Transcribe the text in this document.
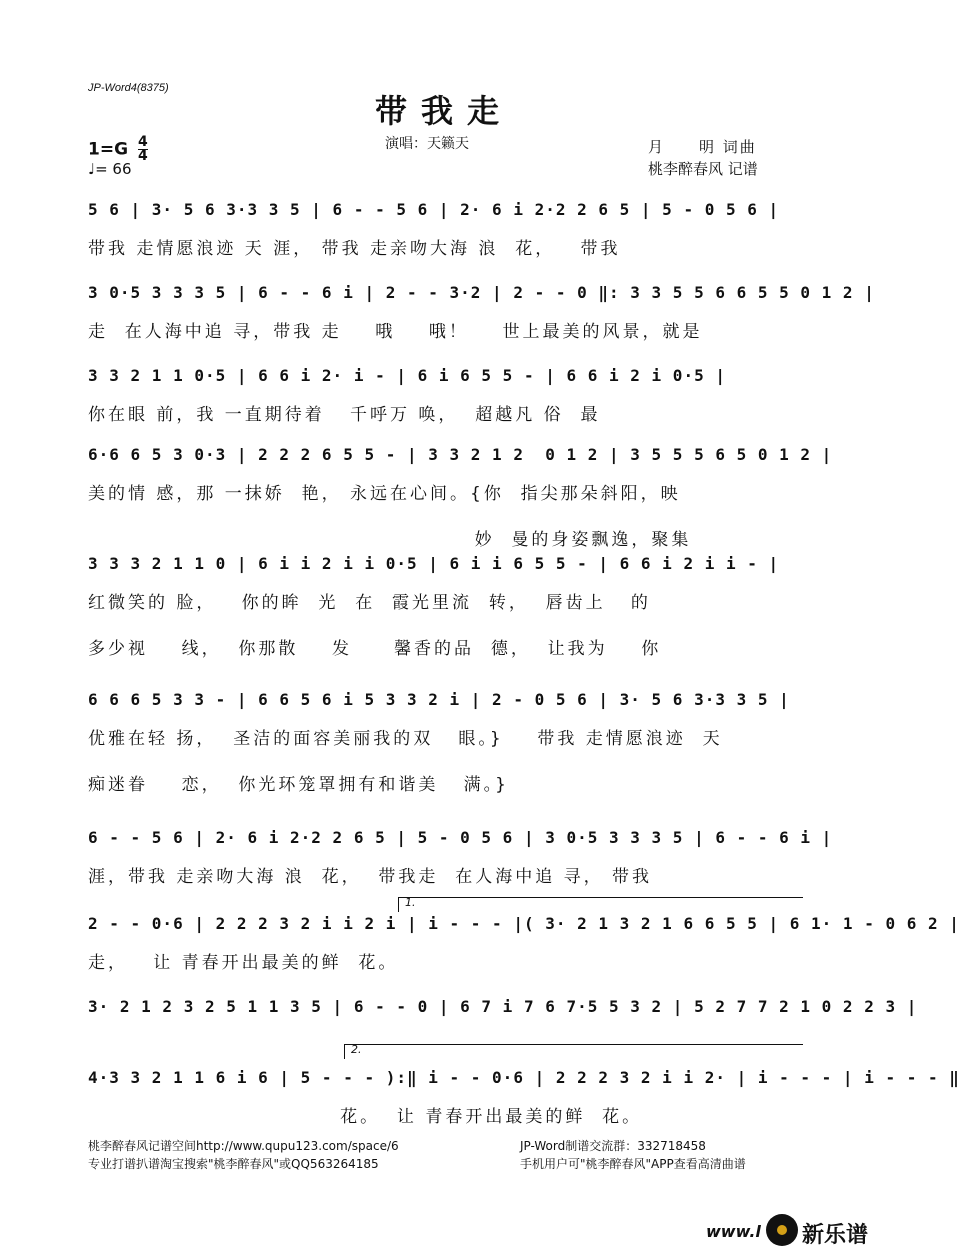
JP-Word4(8375)
带我走
演唱：天籁天	月　　明 词曲
桃李醉春风 记谱
$1=G \frac{4}{4}$
♩= 66
5 6 | 3· 5 6 3·3 3 5 | 6 - - 5 6 | 2· 6 i 2·2 2 6 5 | 5 - 0 5 6 |
带我 走情愿浪迹 天 涯， 带我 走亲吻大海 浪  花，   带我
3 0·5 3 3 3 5 | 6 - - 6 i | 2 - - 3·2 | 2 - - 0 ‖: 3 3 5 5 6 6 5 5 0 1 2 |
走  在人海中追 寻，带我 走    哦    哦！    世上最美的风景，就是
3 3 2 1 1 0·5 | 6 6 i 2· i - | 6 i 6 5 5 - | 6 6 i 2 i 0·5 |
你在眼 前，我 一直期待着   千呼万 唤，  超越凡 俗  最
6·6 6 5 3 0·3 | 2 2 2 6 5 5 - | 3 3 2 1 2  0 1 2 | 3 5 5 5 6 5 0 1 2 |
美的情 感，那 一抹娇  艳， 永远在心间。{你  指尖那朵斜阳，映
妙  曼的身姿飘逸，聚集
3 3 3 2 1 1 0 | 6 i i 2 i i 0·5 | 6 i i 6 5 5 - | 6 6 i 2 i i - |
红微笑的 脸，   你的眸  光  在  霞光里流  转，  唇齿上   的
多少视    线，  你那散    发     馨香的品  德，  让我为    你
6 6 6 5 3 3 - | 6 6 5 6 i 5 3 3 2 i | 2 - 0 5 6 | 3· 5 6 3·3 3 5 |
优雅在轻 扬，  圣洁的面容美丽我的双   眼。}    带我 走情愿浪迹  天
痴迷眷    恋，  你光环笼罩拥有和谐美   满。}
6 - - 5 6 | 2· 6 i 2·2 2 6 5 | 5 - 0 5 6 | 3 0·5 3 3 3 5 | 6 - - 6 i |
涯，带我 走亲吻大海 浪  花，  带我走  在人海中追 寻， 带我
2 - - 0·6 | 2 2 2 3 2 i i 2 i | i - - - |( 3· 2 1 3 2 1 6 6 5 5 | 6 1· 1 - 0 6 2 |
走，   让 青春开出最美的鲜  花。
3· 2 1 2 3 2 5 1 1 3 5 | 6 - - 0 | 6 7 i 7 6 7·5 5 3 2 | 5 2 7 7 2 1 0 2 2 3 |
4·3 3 2 1 1 6 i 6 | 5 - - - ):‖ i - - 0·6 | 2 2 2 3 2 i i 2· | i - - - | i - - - ‖
花。  让 青春开出最美的鲜  花。
1.
2.
桃李醉春风记谱空间http://www.qupu123.com/space/6
专业打谱扒谱淘宝搜索"桃李醉春风"或QQ563264185
JP-Word制谱交流群：332718458
手机用户可"桃李醉春风"APP查看高清曲谱
www.l 新乐谱
